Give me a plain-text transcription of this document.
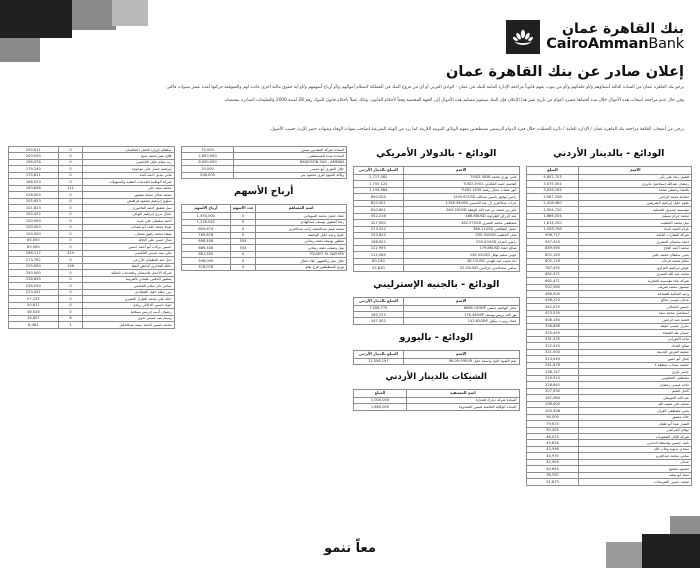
بنك القاهرة عمان
CairoAmmanBank
إعلان صادر عن بنك القاهرة عمان

يرجو بنك القاهرة عمان من السادة التالية أسماؤهم و/أو خلفائهم و/أو من ينوب عنهم قانوناً مراجعة الإدارة العامة للبنك في عمان - الوادي العربي أو أي من فروع البنك في المملكة لاستلام أموالهم و/أو أرباح أسهمهم و/أو أية حقوق مالية أخرى عائدة لهم والمتوقفة حركتها لمدة عشر سنوات فأكثر.

وفي حال عدم مراجعة أصحاب هذه الأموال خلال مدة أقصاها عشرة أعوام من تاريخ نشر هذا الإعلان فإن البنك سيقوم بتسليم هذه الأموال إلى الجهة المختصة وفقاً لأحكام القانون، وذلك عملاً بأحكام قانون البنوك رقم 28 لسنة 2000 والتعليمات الصادرة بمقتضاه.

يرجى من أصحاب العلاقة مراجعة بنك القاهرة عمان / الإدارة العامة / دائرة العمليات خلال فترة الدوام الرسمي مصطحبين معهم الوثائق الثبوتية اللازمة كما يرد من الهيئة الشرعية لصاحب شهادة الوفاة وشهادة حصر الإرث حسب الأصول.
الودائع - بالدينار الأردني
الاسم	المبلغ
فضيل رضا علي بكر	4,602,753
رمضان عبدالله إسماعيل نادوري	3,075,354
بالنشا رحمتلي محمد	3,626,184
مخايلة محمد الراعي	3,087,338
علوم خليل إبراهيم الشريفين	2,428,480
مؤسسة صندوق العسلية	2,004,720
محمد حزام مسلم	1,866,054
نبيل محمد الخطيب	1,814,200
عزام الحمد البداد	1,558,798
شركة العقارات العامة	996,717
احمد سليمان المصري	947,410
محمد أحمد الحاج	889,495
يحيى سلطان محمد خليل	802,163
سالم محمد فرحان	802,118
عوض إبراهيم الغزاوي	787,450
محمد عبد الله العمري	662,471
شركة نماء مؤسسة العقارية	662,471
ميسون محمد شريف	502,560
وجيه الملكية للصناعة	466,900
عدنان موسى صالح	458,220
حسين المجالي	442,025
اسماعيل محمد سعد	423,530
فتحية عبد الرحمن	408,180
ساري عيسى خليفة	358,868
حسان طه القضاة	350,445
ماجد الحوراني	331,535
صالح الحداد	322,045
جمعية القرض الحديثة	321,000
كمال أبو حمور	313,040
جمعية سيدات منطقة ٤	261,878
جاسر بكري	238,157
مصطفى العجلوني	229,910
ماجد عيسى رمضان	228,645
كامل النعيم	207,900
عبد الله الحويطي	187,984
محمد علي ضيف الله	108,600
يحيى مصطفى الفران	100,308
خالد منصور	94,000
المنذر عبدا أبو طقان	79,675
نوفان المراضي	50,305
شركة الكان الصفويات	46,025
نايف حسين بواسطة الدباس	45,826
سعدي بديوية وهاب الله	43,598
سامي محمد عبدالعزيز	44,970
عدنان	42,904
محمود محمود	40,653
سعد أبو نيشه	36,550
محمد حسين الشريحات	21,873
الودائع - بالدولار الأمريكي
الاسم	المبلغ بالدينار الأردني
هاني نوري محمد 3838 TUSD	2,717,582
القاسم حميد العكايلي 2901 TUSD	1,750,120
أنور نعمات جمال رشيد 1635 TUSD	1,194,984
رامين توفيق ياسين عبدالله 1200.67USD	850,004
عزات عبدالعزيز آل عبد الحسين 1158.34USD	820,401
علي بن محمد بن عبد الله الوهقة 844.20USD	810,601
عبد الرزاق الطراونة 486.88USD	552,216
مصطفى محمد العمري 462.57USD	327,500
جميل الشافعي 386.11USD	273,522
منذر الخطيب 330.34USD	233,824
راضي العزام 295.20USD	166,922
صالح حماد 179.86USD	122,993
عوني سليم نوفل 146.02USD	112,064
اياد نجيب عبد الهادي 48.12USD	80,230
سامي سعدالدين عزالدين 32.52USD	52,610
الودائع - بالجنيه الإسترليني
الاسم	المبلغ بالدينار الأردني
عادل الهاشم حسني 8608.19GBP	7,008,779
نور الله بريس يوسف 178.44GBP	162,723
عماد روبرت نيكول 142.62GBP	147,002
الودائع - باليورو
الاسم	المبلغ بالدينار الأردني
نجم الشيخ خليل واسمة خليل 98.09.09EUR	12,558,197
الشيكات بالدينار الأردني
اسم المستفيد	المبلغ
السادة شركة ديارك للتجارة	1,000,000
السادة الوكالة العالمية لميس المحدودة	1,860,000
السادة شركة المقدس سيس	75,000
السادة عبدة المستشفى	2,850,000
RADISSON SAS - AMMAN	8,000,000
جلال العوري أبو عيسى	20,000
وكالة النجوم للري محمود بني	206,000
أرباح الأسهم
اسم المساهم	عدد الأسهم	أرباح الأسهم
عماد جميل محمد السوداني	0	1,550,000
رشا أشقوي يوسف عبدالهادي	0	1,218,042
محمد هيثم عبدالحميد راتب عبدالعزيز	0	809,674
خليل وجيه خليل الوحشة	0	789,678
منظور يوسف نعمة ريحاني	554	698,408
نبيل وصفت نعمة ريحاني	554	686,408
YOUSEF EL NAYYES	0	681,500
جلال نبيل والشهور علاء جمال	0	598,000
نوري قسطنطين فرج بقلو	0	578,078
سلطان إدوارد فاضل دكمكجيان	0	200,811
فالح عمر محمد صبح	0	200,000
زيد سلام خليل النابلسي	0	196,076
إبراهيم جميل علي عوجودة	0	179,240
هاني عديل أحمد كندة	0	170,811
شركة الوطنية للخدمات النقلية والتسهيلات	0	166,023
محمد سعد جابر	121	163,646
محمد شاكر جمعة منصور	0	126,000
سلوى إبراهيم محمود قراقيش	0	105,623
نبيل شفيق أحمد الفاخوري	0	101,823
جمال بدري إبراهيم النواف	0	100,422
أحمد سليمان علي غيث	0	100,000
ضياء محمد خلف أبو شنداب	0	100,000
هيفاء محمد رفيق شعبان	0	100,000
منال حسن علي الخالد	0	85,000
حسين بركات أبو أحمد حسين	0	85,000
علي بينة حسني النابلسي	329	288,117
نايل عبد العظمان الأزرعي	0	273,762
عائلة الفاخري البانش الفقا	196	255,690
شركة الأجمل للاستثمار والخدمات المالية	0	250,000
منصور الدقس عثماني بالقرينية	0	238,845
سامي نادر سلام النابلسي	0	228,090
دين سلام خليل الشلالدي	0	223,041
خالد علي محمد الطراز العميري	0	57,235
جواد حسين الدالالي ريادي	0	50,811
رضوان أديب إدريس بسلامة	0	46,026
وسيم نبيه حسني ندوي	6	16,857
محمد حسين الحمد بسند عبدالخليل	1	8,481
معاً ننمو
